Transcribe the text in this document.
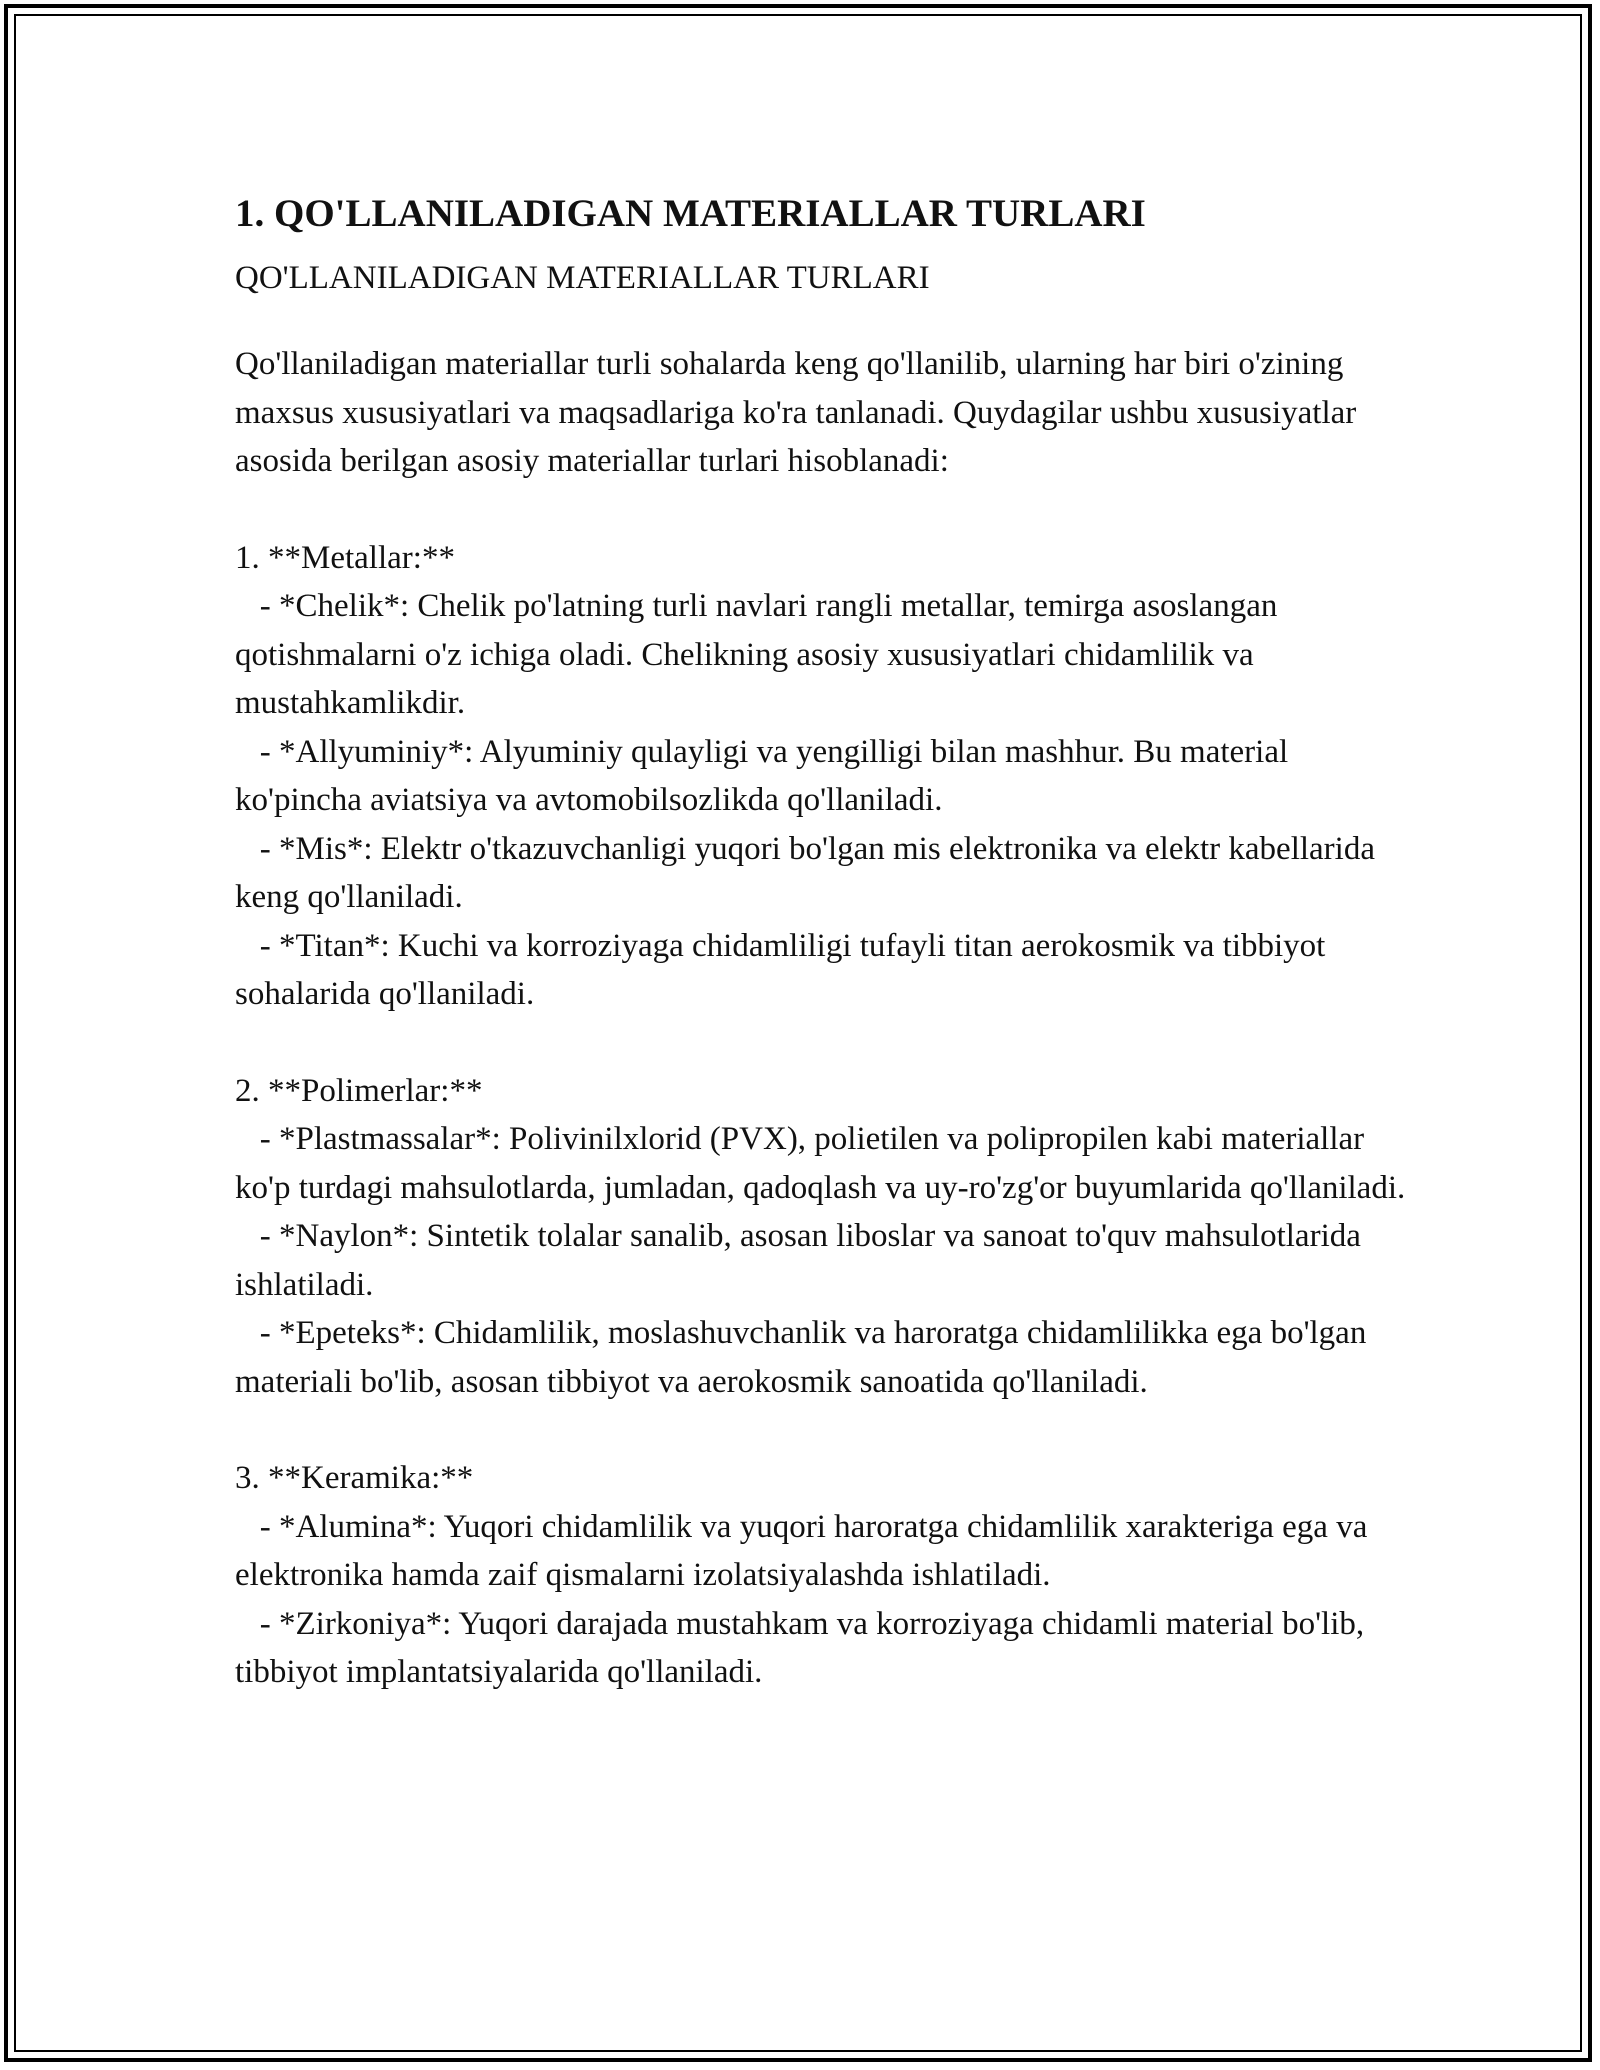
1. QO'LLANILADIGAN MATERIALLAR TURLARI

QO'LLANILADIGAN MATERIALLAR TURLARI

Qo'llaniladigan materiallar turli sohalarda keng qo'llanilib, ularning har biri o'zining maxsus xususiyatlari va maqsadlariga ko'ra tanlanadi. Quydagilar ushbu xususiyatlar asosida berilgan asosiy materiallar turlari hisoblanadi:

1. **Metallar:**

- *Chelik*: Chelik po'latning turli navlari rangli metallar, temirga asoslangan qotishmalarni o'z ichiga oladi. Chelikning asosiy xususiyatlari chidamlilik va mustahkamlikdir.

- *Allyuminiy*: Alyuminiy qulayligi va yengilligi bilan mashhur. Bu material ko'pincha aviatsiya va avtomobilsozlikda qo'llaniladi.

- *Mis*: Elektr o'tkazuvchanligi yuqori bo'lgan mis elektronika va elektr kabellarida keng qo'llaniladi.

- *Titan*: Kuchi va korroziyaga chidamliligi tufayli titan aerokosmik va tibbiyot sohalarida qo'llaniladi.

2. **Polimerlar:**

- *Plastmassalar*: Polivinilxlorid (PVX), polietilen va polipropilen kabi materiallar ko'p turdagi mahsulotlarda, jumladan, qadoqlash va uy-ro'zg'or buyumlarida qo'llaniladi.

- *Naylon*: Sintetik tolalar sanalib, asosan liboslar va sanoat to'quv mahsulotlarida ishlatiladi.

- *Epeteks*: Chidamlilik, moslashuvchanlik va haroratga chidamlilikka ega bo'lgan materiali bo'lib, asosan tibbiyot va aerokosmik sanoatida qo'llaniladi.

3. **Keramika:**

- *Alumina*: Yuqori chidamlilik va yuqori haroratga chidamlilik xarakteriga ega va elektronika hamda zaif qismalarni izolatsiyalashda ishlatiladi.

- *Zirkoniya*: Yuqori darajada mustahkam va korroziyaga chidamli material bo'lib, tibbiyot implantatsiyalarida qo'llaniladi.
